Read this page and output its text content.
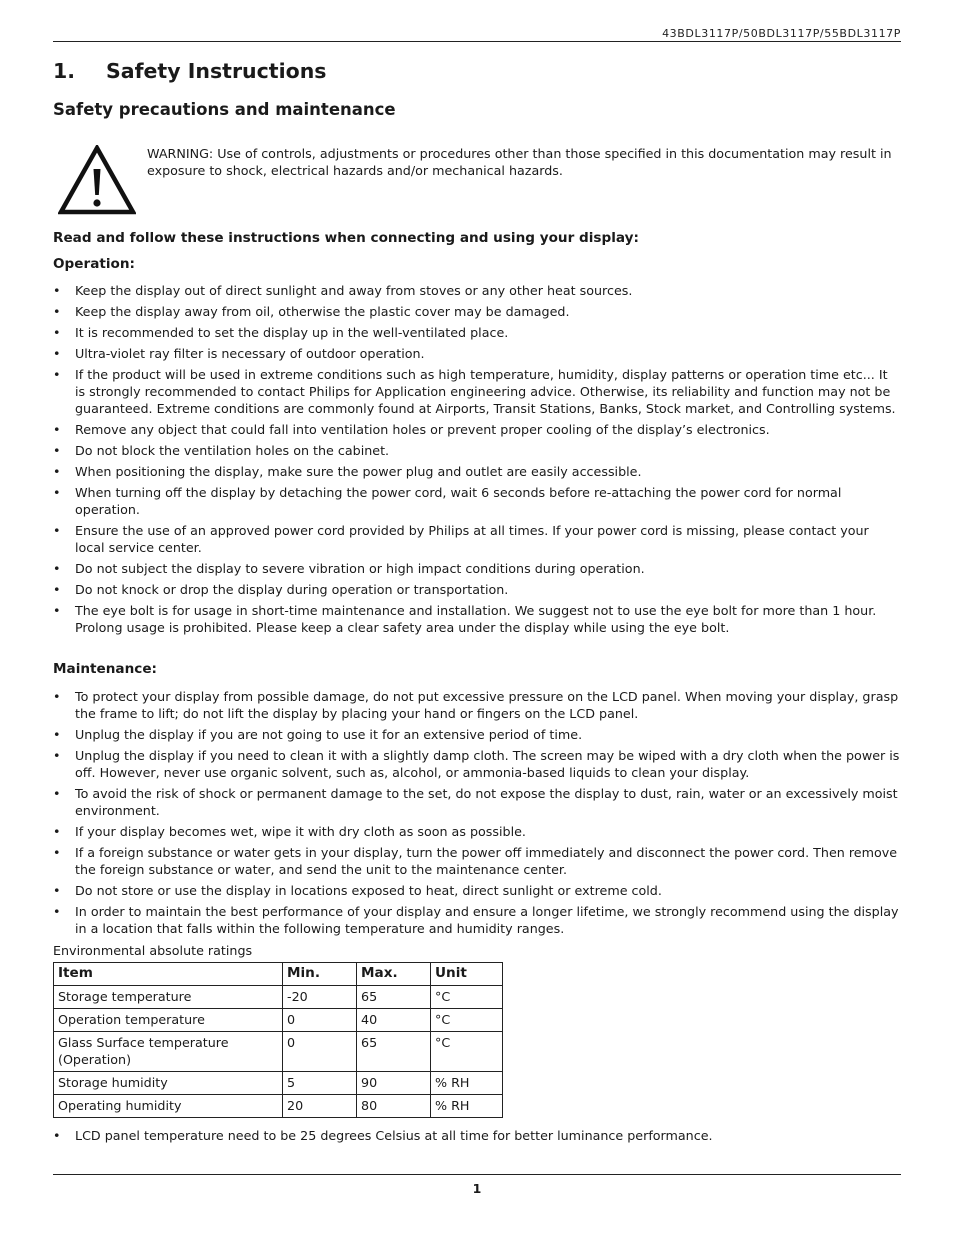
43BDL3117P/50BDL3117P/55BDL3117P
1. Safety Instructions
Safety precautions and maintenance
WARNING: Use of controls, adjustments or procedures other than those specified in this documentation may result in exposure to shock, electrical hazards and/or mechanical hazards.
Read and follow these instructions when connecting and using your display:
Operation:
• Keep the display out of direct sunlight and away from stoves or any other heat sources.
• Keep the display away from oil, otherwise the plastic cover may be damaged.
• It is recommended to set the display up in the well-ventilated place.
• Ultra-violet ray filter is necessary of outdoor operation.
• If the product will be used in extreme conditions such as high temperature, humidity, display patterns or operation time etc... It is strongly recommended to contact Philips for Application engineering advice. Otherwise, its reliability and function may not be guaranteed. Extreme conditions are commonly found at Airports, Transit Stations, Banks, Stock market, and Controlling systems.
• Remove any object that could fall into ventilation holes or prevent proper cooling of the display’s electronics.
• Do not block the ventilation holes on the cabinet.
• When positioning the display, make sure the power plug and outlet are easily accessible.
• When turning off the display by detaching the power cord, wait 6 seconds before re-attaching the power cord for normal operation.
• Ensure the use of an approved power cord provided by Philips at all times. If your power cord is missing, please contact your local service center.
• Do not subject the display to severe vibration or high impact conditions during operation.
• Do not knock or drop the display during operation or transportation.
• The eye bolt is for usage in short-time maintenance and installation. We suggest not to use the eye bolt for more than 1 hour. Prolong usage is prohibited. Please keep a clear safety area under the display while using the eye bolt.
Maintenance:
• To protect your display from possible damage, do not put excessive pressure on the LCD panel. When moving your display, grasp the frame to lift; do not lift the display by placing your hand or fingers on the LCD panel.
• Unplug the display if you are not going to use it for an extensive period of time.
• Unplug the display if you need to clean it with a slightly damp cloth. The screen may be wiped with a dry cloth when the power is off. However, never use organic solvent, such as, alcohol, or ammonia-based liquids to clean your display.
• To avoid the risk of shock or permanent damage to the set, do not expose the display to dust, rain, water or an excessively moist environment.
• If your display becomes wet, wipe it with dry cloth as soon as possible.
• If a foreign substance or water gets in your display, turn the power off immediately and disconnect the power cord. Then remove the foreign substance or water, and send the unit to the maintenance center.
• Do not store or use the display in locations exposed to heat, direct sunlight or extreme cold.
• In order to maintain the best performance of your display and ensure a longer lifetime, we strongly recommend using the display in a location that falls within the following temperature and humidity ranges.
Environmental absolute ratings
Item	Min.	Max.	Unit
Storage temperature	-20	65	°C
Operation temperature	0	40	°C
Glass Surface temperature (Operation)	0	65	°C
Storage humidity	5	90	% RH
Operating humidity	20	80	% RH
• LCD panel temperature need to be 25 degrees Celsius at all time for better luminance performance.
1
